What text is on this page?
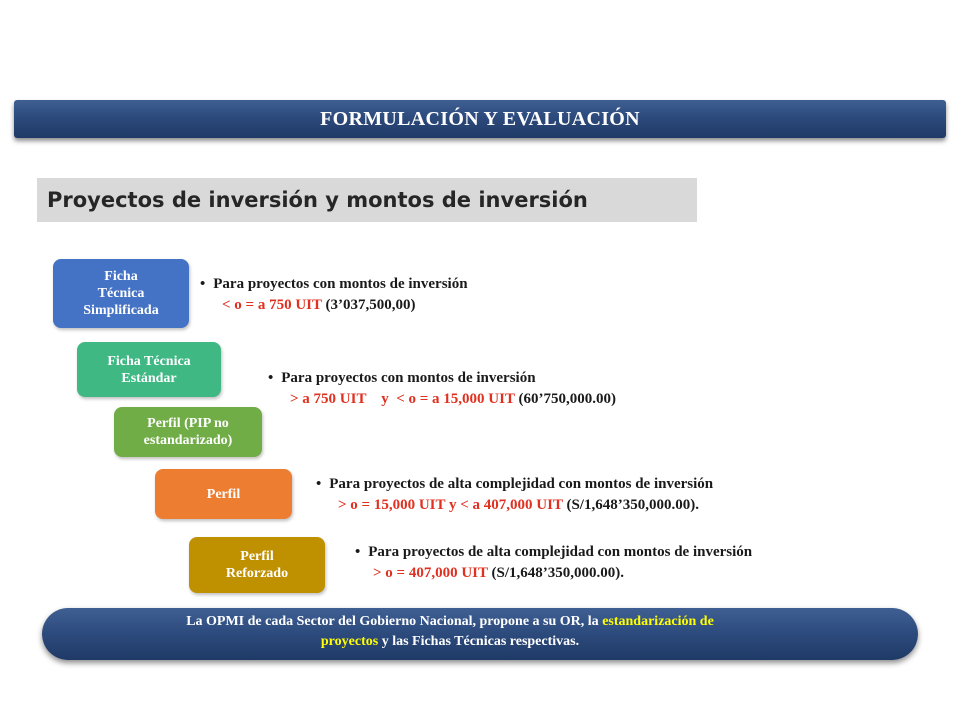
FORMULACIÓN Y EVALUACIÓN
Proyectos de inversión y montos de inversión
Ficha
Técnica
Simplificada
Ficha Técnica
Estándar
Perfil (PIP no
estandarizado)
Perfil
Perfil
Reforzado
• Para proyectos con montos de inversión
< o = a 750 UIT (3’037,500,00)
• Para proyectos con montos de inversión
> a 750 UIT    y  < o = a 15,000 UIT (60’750,000.00)
• Para proyectos de alta complejidad con montos de inversión
> o = 15,000 UIT y < a 407,000 UIT (S/1,648’350,000.00).
• Para proyectos de alta complejidad con montos de inversión
> o = 407,000 UIT (S/1,648’350,000.00).
La OPMI de cada Sector del Gobierno Nacional, propone a su OR, la estandarización de
proyectos y las Fichas Técnicas respectivas.
